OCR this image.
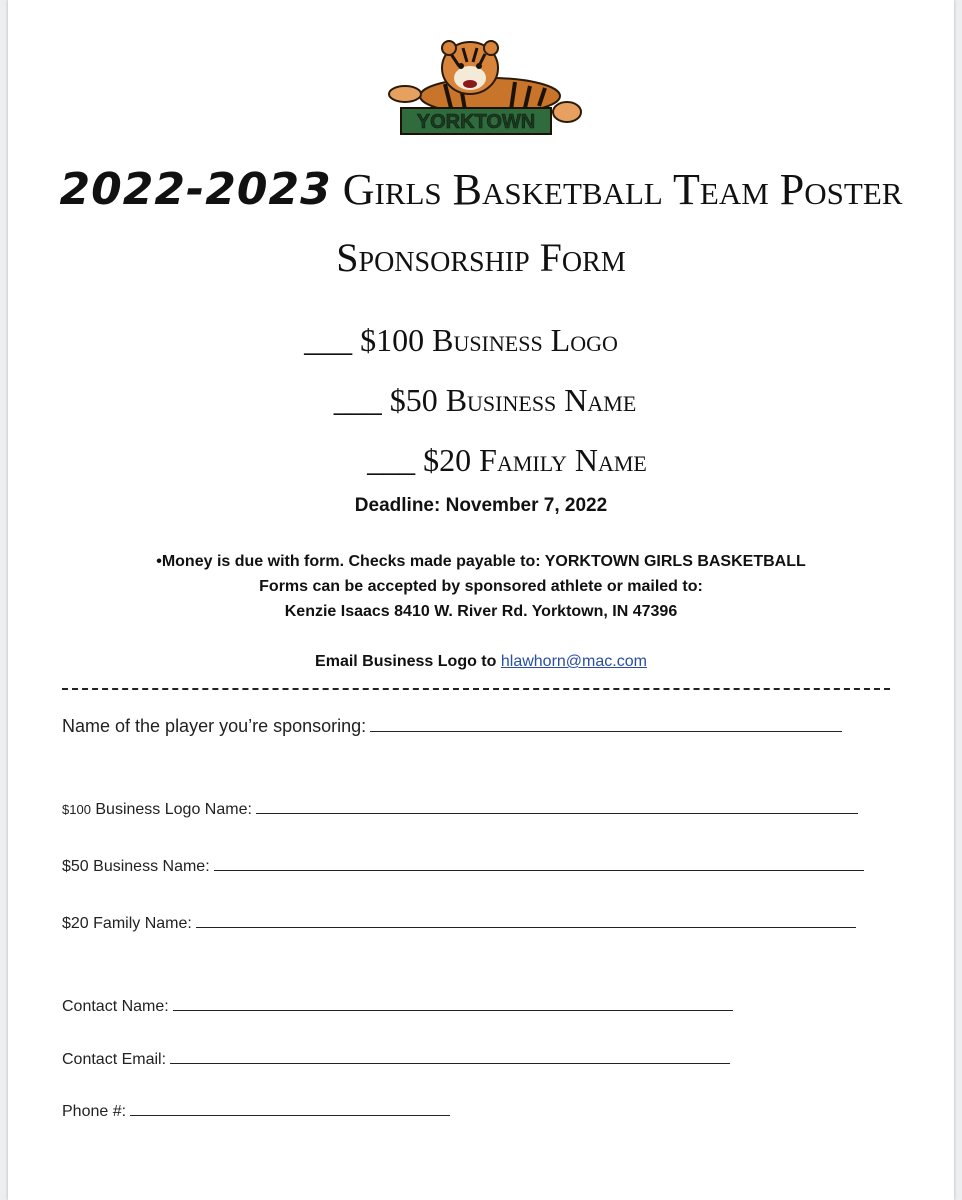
YORKTOWN
2022-2023 Girls Basketball Team Poster
Sponsorship Form
___ $100 Business Logo
___ $50 Business Name
___ $20 Family Name
Deadline: November 7, 2022
•Money is due with form. Checks made payable to: YORKTOWN GIRLS BASKETBALL
Forms can be accepted by sponsored athlete or mailed to:
Kenzie Isaacs 8410 W. River Rd. Yorktown, IN 47396
Email Business Logo to hlawhorn@mac.com
Name of the player you’re sponsoring:
$100
Business Logo Name:
$50 Business Name:
$20 Family Name:
Contact Name:
Contact Email:
Phone #:
